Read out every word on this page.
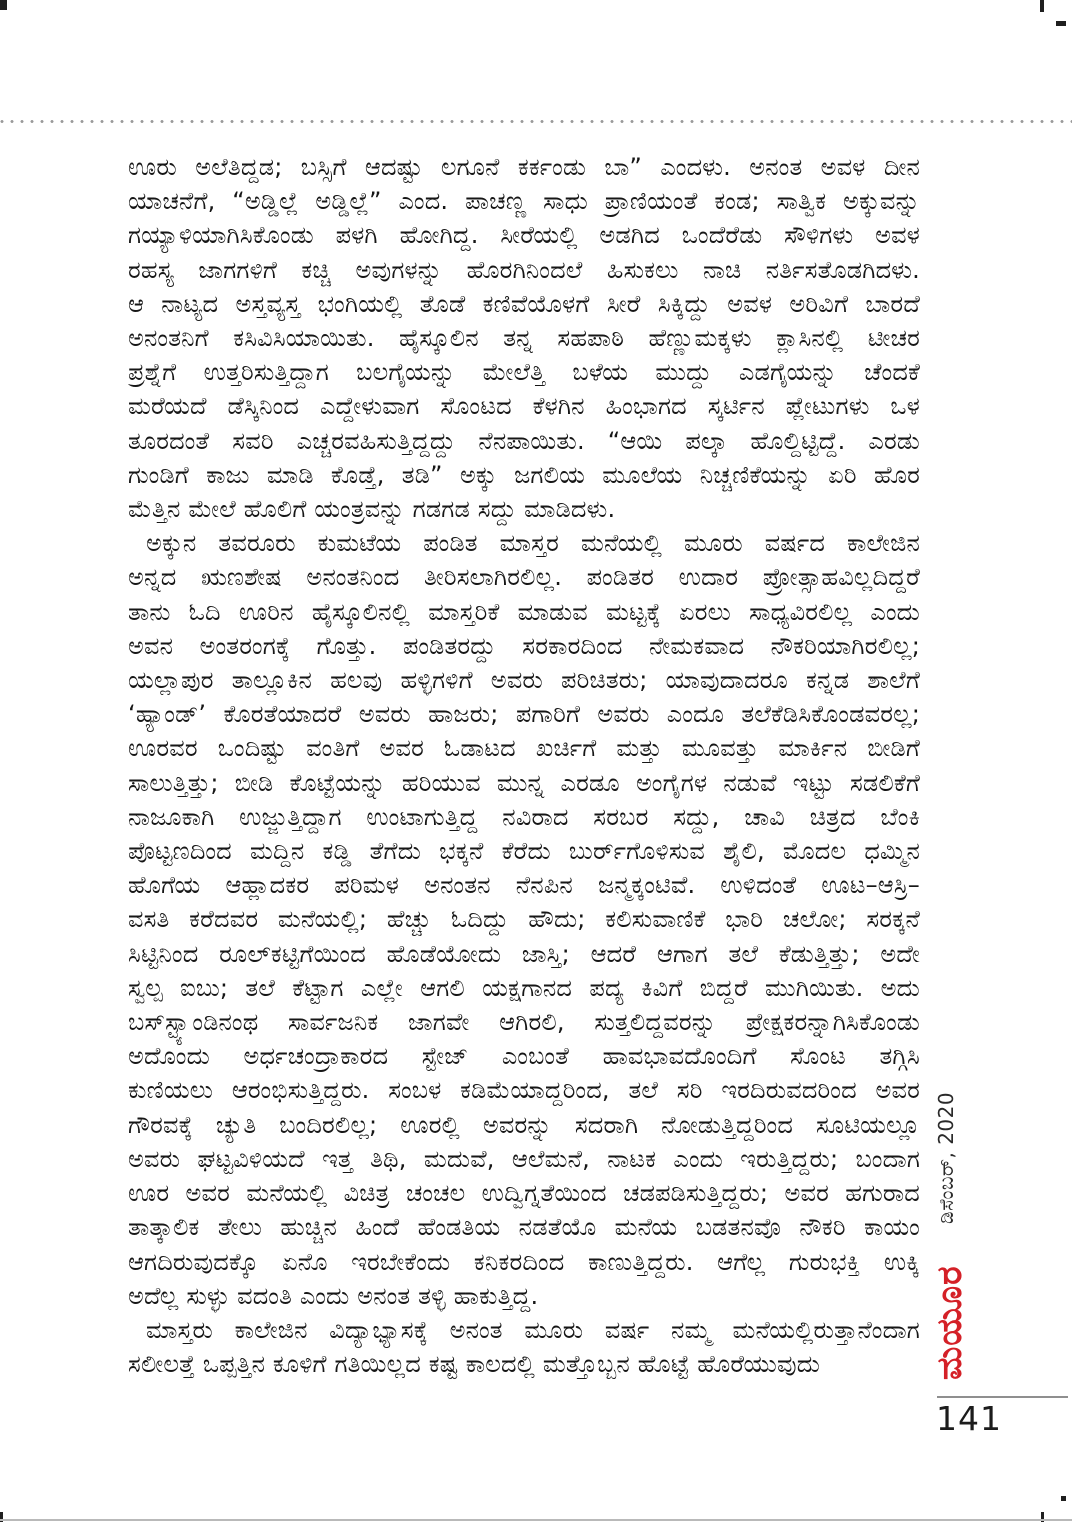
ಊರು ಅಲೆತಿದ್ದಡ; ಬಸ್ಸಿಗೆ ಆದಷ್ಟು ಲಗೂನೆ ಕರ್ಕಂಡು ಬಾ” ಎಂದಳು. ಅನಂತ ಅವಳ ದೀನ
ಯಾಚನೆಗೆ, “ಅಡ್ಡಿಲ್ಲೆ ಅಡ್ಡಿಲ್ಲೆ” ಎಂದ. ಪಾಚಣ್ಣ ಸಾಧು ಪ್ರಾಣಿಯಂತೆ ಕಂಡ; ಸಾತ್ವಿಕ ಅಕ್ಕುವನ್ನು
ಗಯ್ಯಾಳಿಯಾಗಿಸಿಕೊಂಡು ಪಳಗಿ ಹೋಗಿದ್ದ. ಸೀರೆಯಲ್ಲಿ ಅಡಗಿದ ಒಂದೆರೆಡು ಸೌಳಿಗಳು ಅವಳ
ರಹಸ್ಯ ಜಾಗಗಳಿಗೆ ಕಚ್ಚಿ ಅವುಗಳನ್ನು ಹೊರಗಿನಿಂದಲೆ ಹಿಸುಕಲು ನಾಚಿ ನರ್ತಿಸತೊಡಗಿದಳು.
ಆ ನಾಟ್ಯದ ಅಸ್ತವ್ಯಸ್ತ ಭಂಗಿಯಲ್ಲಿ ತೊಡೆ ಕಣಿವೆಯೊಳಗೆ ಸೀರೆ ಸಿಕ್ಕಿದ್ದು ಅವಳ ಅರಿವಿಗೆ ಬಾರದೆ
ಅನಂತನಿಗೆ ಕಸಿವಿಸಿಯಾಯಿತು. ಹೈಸ್ಕೂಲಿನ ತನ್ನ ಸಹಪಾಠಿ ಹೆಣ್ಣುಮಕ್ಕಳು ಕ್ಲಾಸಿನಲ್ಲಿ ಟೀಚರ
ಪ್ರಶ್ನೆಗೆ ಉತ್ತರಿಸುತ್ತಿದ್ದಾಗ ಬಲಗೈಯನ್ನು ಮೇಲೆತ್ತಿ ಬಳೆಯ ಮುದ್ದು ಎಡಗೈಯನ್ನು ಚೆಂದಕೆ
ಮರೆಯದೆ ಡೆಸ್ಕಿನಿಂದ ಎದ್ದೇಳುವಾಗ ಸೊಂಟದ ಕೆಳಗಿನ ಹಿಂಭಾಗದ ಸ್ಕರ್ಟಿನ ಪ್ಲೇಟುಗಳು ಒಳ
ತೂರದಂತೆ ಸವರಿ ಎಚ್ಚರವಹಿಸುತ್ತಿದ್ದದ್ದು ನೆನಪಾಯಿತು. “ಆಯಿ ಪಲ್ಕಾ ಹೊಲ್ದಿಟ್ಟಿದ್ದೆ. ಎರಡು
ಗುಂಡಿಗೆ ಕಾಜು ಮಾಡಿ ಕೊಡ್ತೆ, ತಡಿ” ಅಕ್ಕು ಜಗಲಿಯ ಮೂಲೆಯ ನಿಚ್ಚಣಿಕೆಯನ್ನು ಏರಿ ಹೊರ
ಮೆತ್ತಿನ ಮೇಲೆ ಹೊಲಿಗೆ ಯಂತ್ರವನ್ನು ಗಡಗಡ ಸದ್ದು ಮಾಡಿದಳು.
ಅಕ್ಕುನ ತವರೂರು ಕುಮಟೆಯ ಪಂಡಿತ ಮಾಸ್ತರ ಮನೆಯಲ್ಲಿ ಮೂರು ವರ್ಷದ ಕಾಲೇಜಿನ
ಅನ್ನದ ಋಣಶೇಷ ಅನಂತನಿಂದ ತೀರಿಸಲಾಗಿರಲಿಲ್ಲ. ಪಂಡಿತರ ಉದಾರ ಪ್ರೋತ್ಸಾಹವಿಲ್ಲದಿದ್ದರೆ
ತಾನು ಓದಿ ಊರಿನ ಹೈಸ್ಕೂಲಿನಲ್ಲಿ ಮಾಸ್ತರಿಕೆ ಮಾಡುವ ಮಟ್ಟಕ್ಕೆ ಏರಲು ಸಾಧ್ಯವಿರಲಿಲ್ಲ ಎಂದು
ಅವನ ಅಂತರಂಗಕ್ಕೆ ಗೊತ್ತು. ಪಂಡಿತರದ್ದು ಸರಕಾರದಿಂದ ನೇಮಕವಾದ ನೌಕರಿಯಾಗಿರಲಿಲ್ಲ;
ಯಲ್ಲಾಪುರ ತಾಲ್ಲೂಕಿನ ಹಲವು ಹಳ್ಳಿಗಳಿಗೆ ಅವರು ಪರಿಚಿತರು; ಯಾವುದಾದರೂ ಕನ್ನಡ ಶಾಲೆಗೆ
‘ಹ್ಯಾಂಡ್’ ಕೊರತೆಯಾದರೆ ಅವರು ಹಾಜರು; ಪಗಾರಿಗೆ ಅವರು ಎಂದೂ ತಲೆಕೆಡಿಸಿಕೊಂಡವರಲ್ಲ;
ಊರವರ ಒಂದಿಷ್ಟು ವಂತಿಗೆ ಅವರ ಓಡಾಟದ ಖರ್ಚಿಗೆ ಮತ್ತು ಮೂವತ್ತು ಮಾರ್ಕಿನ ಬೀಡಿಗೆ
ಸಾಲುತ್ತಿತ್ತು; ಬೀಡಿ ಕೊಟ್ಟೆಯನ್ನು ಹರಿಯುವ ಮುನ್ನ ಎರಡೂ ಅಂಗೈಗಳ ನಡುವೆ ಇಟ್ಟು ಸಡಲಿಕೆಗೆ
ನಾಜೂಕಾಗಿ ಉಜ್ಜುತ್ತಿದ್ದಾಗ ಉಂಟಾಗುತ್ತಿದ್ದ ನವಿರಾದ ಸರಬರ ಸದ್ದು, ಚಾವಿ ಚಿತ್ರದ ಬೆಂಕಿ
ಪೊಟ್ಟಣದಿಂದ ಮದ್ದಿನ ಕಡ್ಡಿ ತೆಗೆದು ಭಕ್ಕನೆ ಕೆರೆದು ಬುರ್ರ್‌ಗೊಳಿಸುವ ಶೈಲಿ, ಮೊದಲ ಧಮ್ಮಿನ
ಹೊಗೆಯ ಆಹ್ಲಾದಕರ ಪರಿಮಳ ಅನಂತನ ನೆನಪಿನ ಜನ್ಮಕ್ಕಂಟಿವೆ. ಉಳಿದಂತೆ ಊಟ–ಆಸ್ರಿ–
ವಸತಿ ಕರೆದವರ ಮನೆಯಲ್ಲಿ; ಹೆಚ್ಚು ಓದಿದ್ದು ಹೌದು; ಕಲಿಸುವಾಣಿಕೆ ಭಾರಿ ಚಲೋ; ಸರಕ್ಕನೆ
ಸಿಟ್ಟಿನಿಂದ ರೂಲ್‌ಕಟ್ಟಿಗೆಯಿಂದ ಹೊಡೆಯೋದು ಜಾಸ್ತಿ; ಆದರೆ ಆಗಾಗ ತಲೆ ಕೆಡುತ್ತಿತ್ತು; ಅದೇ
ಸ್ವಲ್ಪ ಐಬು; ತಲೆ ಕೆಟ್ಟಾಗ ಎಲ್ಲೇ ಆಗಲಿ ಯಕ್ಷಗಾನದ ಪದ್ಯ ಕಿವಿಗೆ ಬಿದ್ದರೆ ಮುಗಿಯಿತು. ಅದು
ಬಸ್‌ಸ್ಟ್ಯಾಂಡಿನಂಥ ಸಾರ್ವಜನಿಕ ಜಾಗವೇ ಆಗಿರಲಿ, ಸುತ್ತಲಿದ್ದವರನ್ನು ಪ್ರೇಕ್ಷಕರನ್ನಾಗಿಸಿಕೊಂಡು
ಅದೊಂದು ಅರ್ಧಚಂದ್ರಾಕಾರದ ಸ್ಟೇಜ್ ಎಂಬಂತೆ ಹಾವಭಾವದೊಂದಿಗೆ ಸೊಂಟ ತಗ್ಗಿಸಿ
ಕುಣಿಯಲು ಆರಂಭಿಸುತ್ತಿದ್ದರು. ಸಂಬಳ ಕಡಿಮೆಯಾದ್ದರಿಂದ, ತಲೆ ಸರಿ ಇರದಿರುವದರಿಂದ ಅವರ
ಗೌರವಕ್ಕೆ ಚ್ಯುತಿ ಬಂದಿರಲಿಲ್ಲ; ಊರಲ್ಲಿ ಅವರನ್ನು ಸದರಾಗಿ ನೋಡುತ್ತಿದ್ದರಿಂದ ಸೂಟಿಯಲ್ಲೂ
ಅವರು ಘಟ್ಟವಿಳಿಯದೆ ಇತ್ತ ತಿಥಿ, ಮದುವೆ, ಆಲೆಮನೆ, ನಾಟಕ ಎಂದು ಇರುತ್ತಿದ್ದರು; ಬಂದಾಗ
ಊರ ಅವರ ಮನೆಯಲ್ಲಿ ವಿಚಿತ್ರ ಚಂಚಲ ಉದ್ವಿಗ್ನತೆಯಿಂದ ಚಡಪಡಿಸುತ್ತಿದ್ದರು; ಅವರ ಹಗುರಾದ
ತಾತ್ಕಾಲಿಕ ತೇಲು ಹುಚ್ಚಿನ ಹಿಂದೆ ಹೆಂಡತಿಯ ನಡತೆಯೊ ಮನೆಯ ಬಡತನವೊ ನೌಕರಿ ಕಾಯಂ
ಆಗದಿರುವುದಕ್ಕೊ ಏನೊ ಇರಬೇಕೆಂದು ಕನಿಕರದಿಂದ ಕಾಣುತ್ತಿದ್ದರು. ಆಗೆಲ್ಲ ಗುರುಭಕ್ತಿ ಉಕ್ಕಿ
ಅದೆಲ್ಲ ಸುಳ್ಳು ವದಂತಿ ಎಂದು ಅನಂತ ತಳ್ಳಿ ಹಾಕುತ್ತಿದ್ದ.
ಮಾಸ್ತರು ಕಾಲೇಜಿನ ವಿದ್ಯಾಭ್ಯಾಸಕ್ಕೆ ಅನಂತ ಮೂರು ವರ್ಷ ನಮ್ಮ ಮನೆಯಲ್ಲಿರುತ್ತಾನೆಂದಾಗ
ಸಲೀಲತ್ತೆ ಒಪ್ಪತ್ತಿನ ಕೂಳಿಗೆ ಗತಿಯಿಲ್ಲದ ಕಷ್ಟ ಕಾಲದಲ್ಲಿ ಮತ್ತೊಬ್ಬನ ಹೊಟ್ಟೆ ಹೊರೆಯುವುದು
ಡಿಸೆಂಬರ್, 2020
ಮಯೂರ
141
